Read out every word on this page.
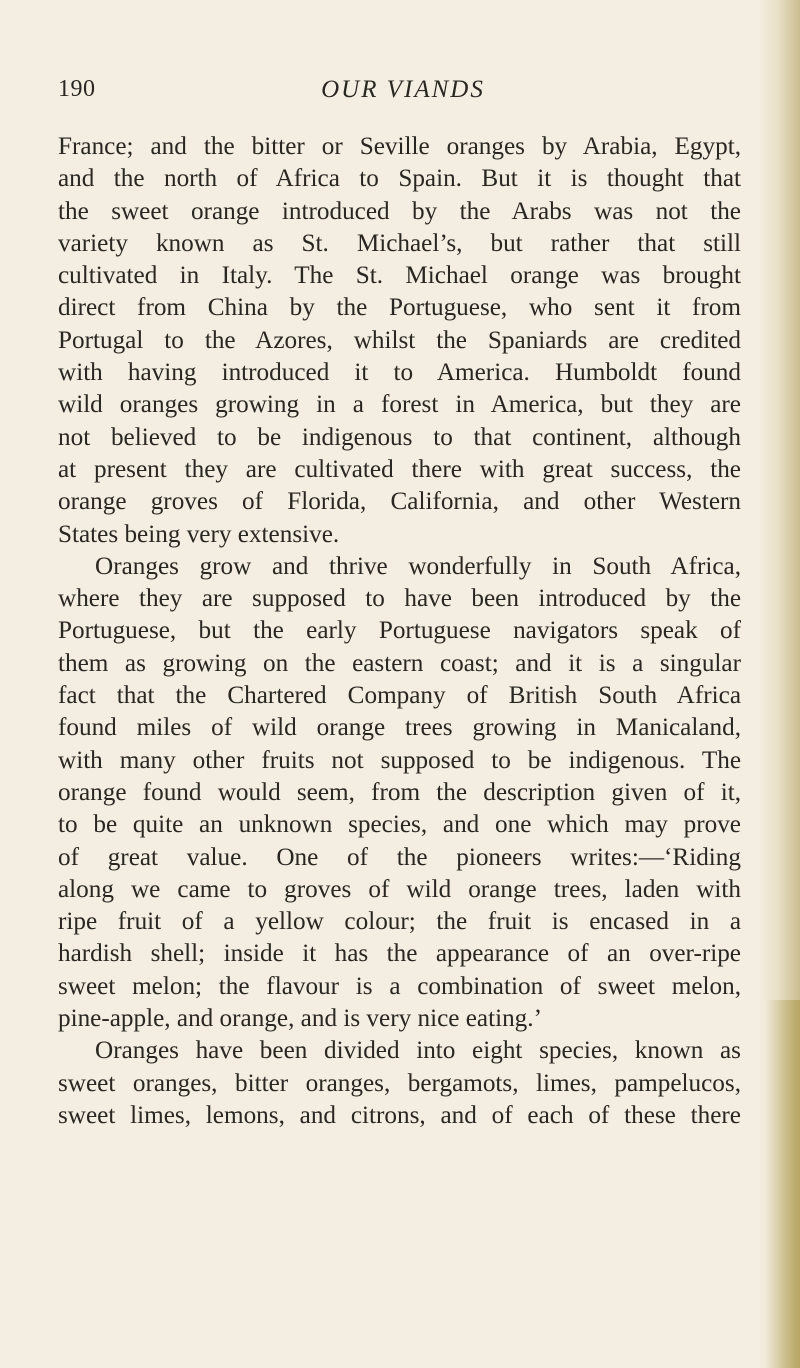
190	OUR VIANDS
France; and the bitter or Seville oranges by Arabia, Egypt,
and the north of Africa to Spain. But it is thought that
the sweet orange introduced by the Arabs was not the
variety known as St. Michael’s, but rather that still
cultivated in Italy. The St. Michael orange was brought
direct from China by the Portuguese, who sent it from
Portugal to the Azores, whilst the Spaniards are credited
with having introduced it to America. Humboldt found
wild oranges growing in a forest in America, but they are
not believed to be indigenous to that continent, although
at present they are cultivated there with great success, the
orange groves of Florida, California, and other Western
States being very extensive.
Oranges grow and thrive wonderfully in South Africa,
where they are supposed to have been introduced by the
Portuguese, but the early Portuguese navigators speak of
them as growing on the eastern coast; and it is a singular
fact that the Chartered Company of British South Africa
found miles of wild orange trees growing in Manicaland,
with many other fruits not supposed to be indigenous. The
orange found would seem, from the description given of it,
to be quite an unknown species, and one which may prove
of great value. One of the pioneers writes:—‘Riding
along we came to groves of wild orange trees, laden with
ripe fruit of a yellow colour; the fruit is encased in a
hardish shell; inside it has the appearance of an over-ripe
sweet melon; the flavour is a combination of sweet melon,
pine-apple, and orange, and is very nice eating.’
Oranges have been divided into eight species, known as
sweet oranges, bitter oranges, bergamots, limes, pampelucos,
sweet limes, lemons, and citrons, and of each of these there
